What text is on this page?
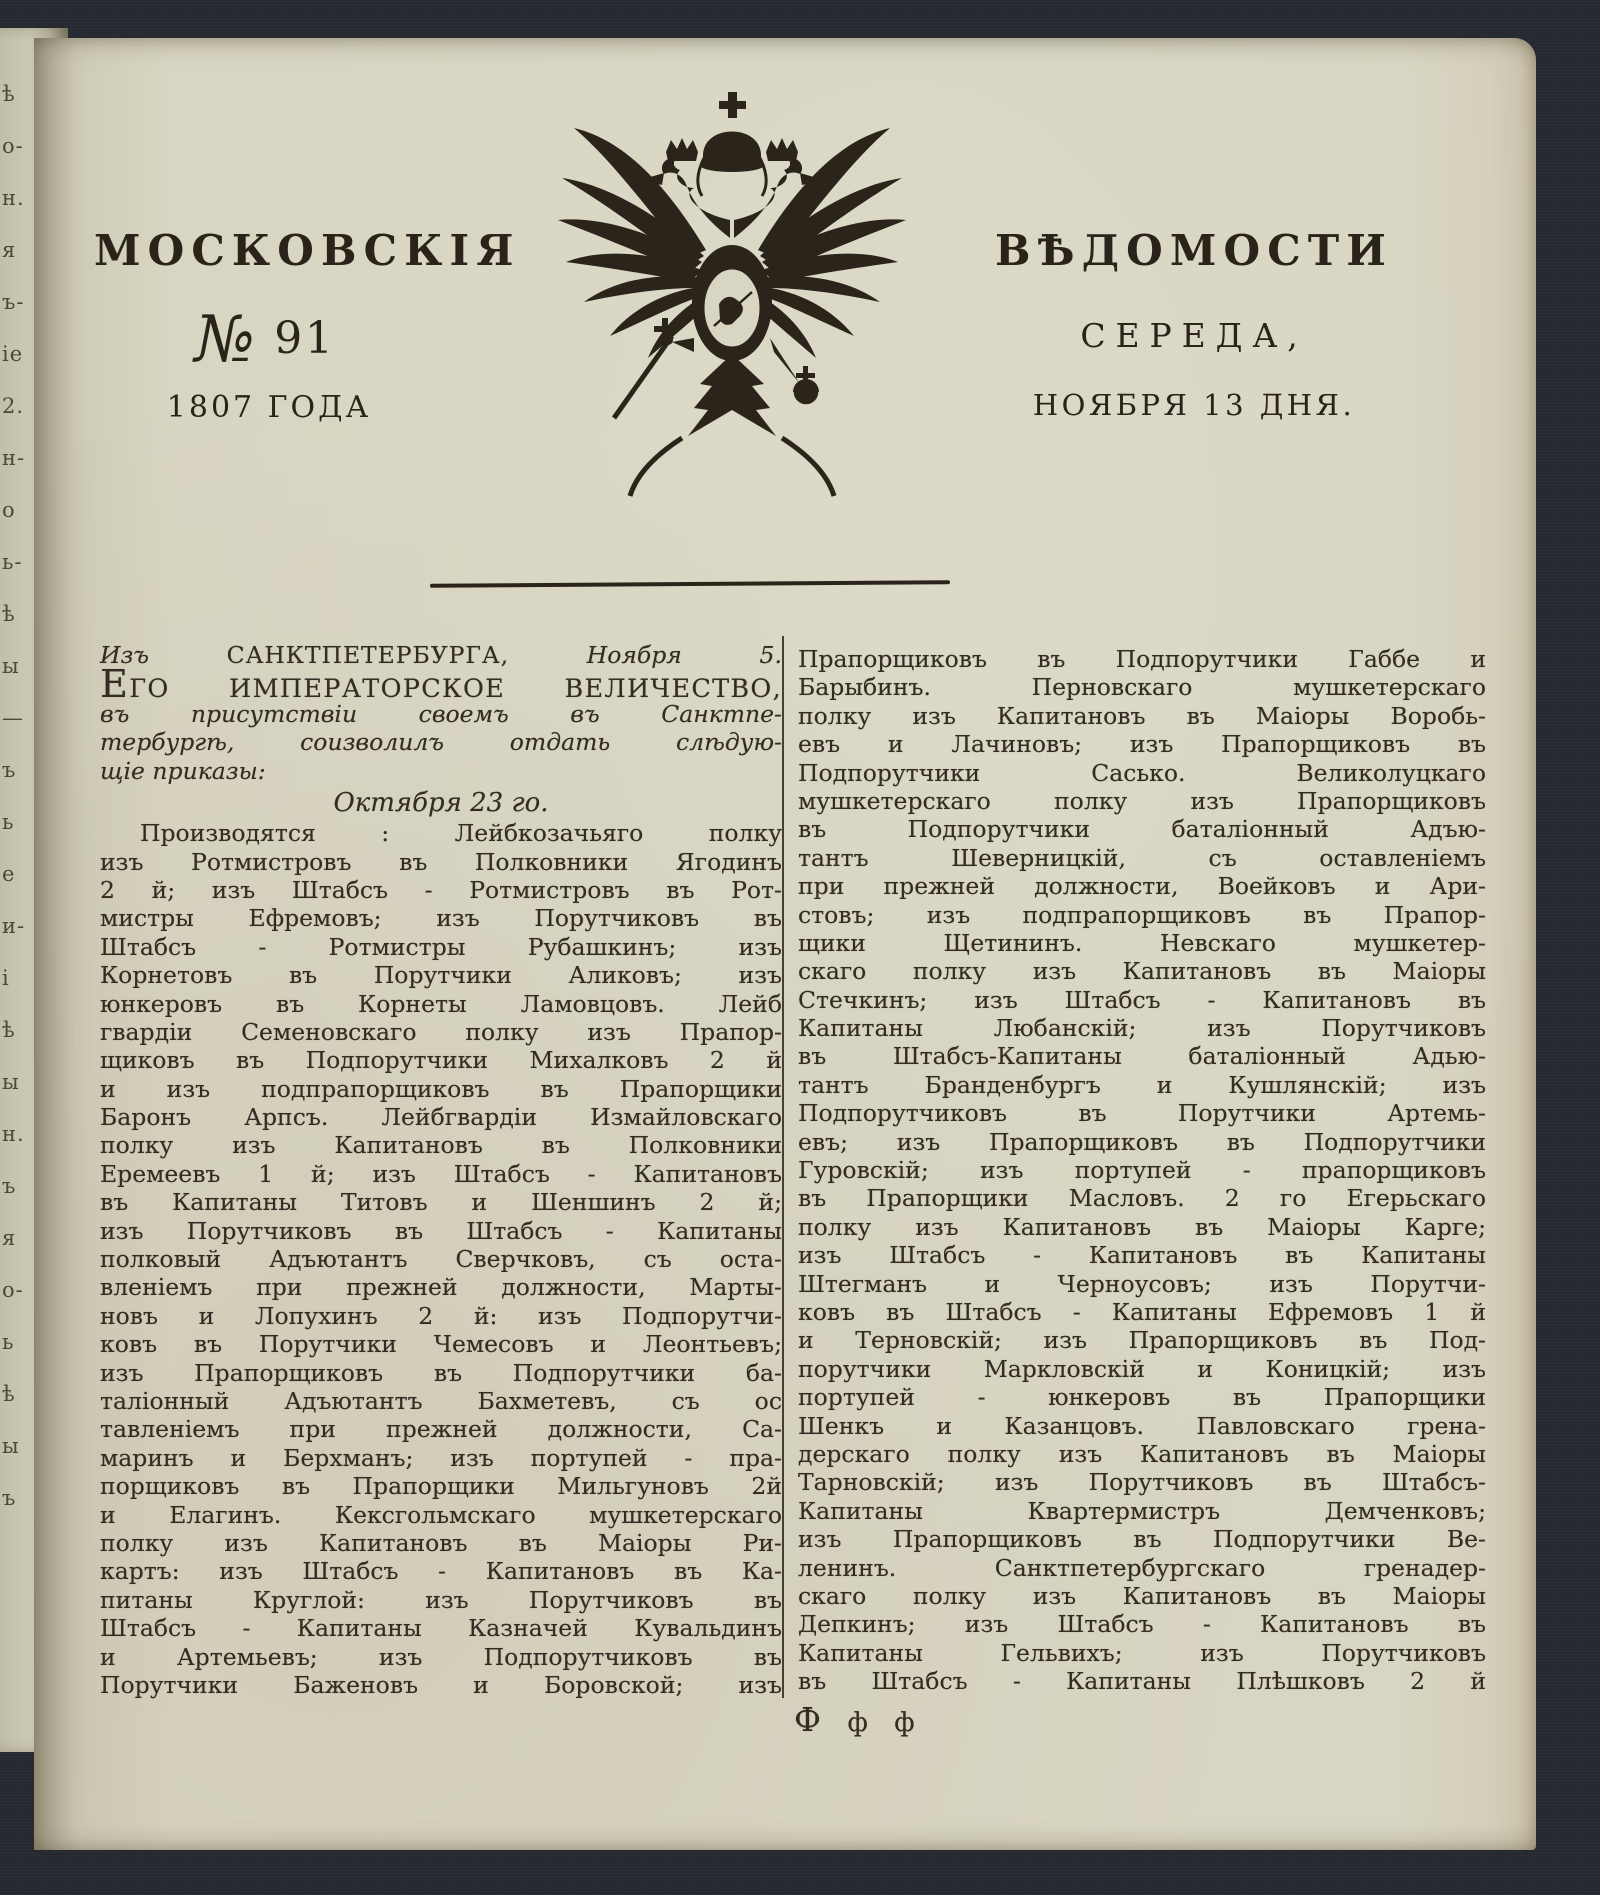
ѣ
о-
н.
я
ъ-
іе
2.
н-
о
ь-
ѣ
ы
—
ъ
ь
е
и-
і
ѣ
ы
н.
ъ
я
о-
ь
ѣ
ы
ъ
МОСКОВСКІЯ
№ 91
1807 ГОДА
ВѢДОМОСТИ
СЕРЕДА,
НОЯБРЯ 13 ДНЯ.
Изъ	САНКТПЕТЕРБУРГА,	Ноября 5.
ЕГО ИМПЕРАТОРСКОЕ ВЕЛИЧЕСТВО,
въ присутствіи своемъ въ Санктпе-
тербургѣ, соизволилъ отдать слѣдую-
щіе приказы:
Октября 23 го.
Производятся : Лейбкозачьяго полку
изъ Ротмистровъ въ Полковники Ягодинъ
2 й; изъ Штабсъ - Ротмистровъ въ Рот-
мистры Ефремовъ; изъ Порутчиковъ въ
Штабсъ - Ротмистры Рубашкинъ; изъ
Корнетовъ въ Порутчики Аликовъ; изъ
юнкеровъ въ Корнеты Ламовцовъ. Лейб
гвардіи Семеновскаго полку изъ Прапор-
щиковъ въ Подпорутчики Михалковъ 2 й
и изъ подпрапорщиковъ въ Прапорщики
Баронъ Арпсъ. Лейбгвардіи Измайловскаго
полку изъ Капитановъ въ Полковники
Еремеевъ 1 й; изъ Штабсъ - Капитановъ
въ Капитаны Титовъ и Шеншинъ 2 й;
изъ Порутчиковъ въ Штабсъ - Капитаны
полковый Адъютантъ Сверчковъ, съ оста-
вленіемъ при прежней должности, Марты-
новъ и Лопухинъ 2 й: изъ Подпорутчи-
ковъ въ Порутчики Чемесовъ и Леонтьевъ;
изъ Прапорщиковъ въ Подпорутчики ба-
таліонный Адъютантъ Бахметевъ, съ ос
тавленіемъ при прежней должности, Са-
маринъ и Берхманъ; изъ портупей - пра-
порщиковъ въ Прапорщики Мильгуновъ 2й
и Елагинъ. Кексгольмскаго мушкетерскаго
полку изъ Капитановъ въ Маіоры Ри-
картъ: изъ Штабсъ - Капитановъ въ Ка-
питаны Круглой: изъ Порутчиковъ въ
Штабсъ - Капитаны Казначей Кувальдинъ
и Артемьевъ; изъ Подпорутчиковъ въ
Порутчики Баженовъ и Боровской; изъ
Прапорщиковъ въ Подпорутчики Габбе и
Барыбинъ. Перновскаго мушкетерскаго
полку изъ Капитановъ въ Маіоры Воробь-
евъ и Лачиновъ; изъ Прапорщиковъ въ
Подпорутчики Сасько. Великолуцкаго
мушкетерскаго полку изъ Прапорщиковъ
въ Подпорутчики баталіонный Адъю-
тантъ Шеверницкій, съ оставленіемъ
при прежней должности, Воейковъ и Ари-
стовъ; изъ подпрапорщиковъ въ Прапор-
щики Щетининъ. Невскаго мушкетер-
скаго полку изъ Капитановъ въ Маіоры
Стечкинъ; изъ Штабсъ - Капитановъ въ
Капитаны Любанскій; изъ Порутчиковъ
въ Штабсъ-Капитаны баталіонный Адью-
тантъ Бранденбургъ и Кушлянскій; изъ
Подпорутчиковъ въ Порутчики Артемь-
евъ; изъ Прапорщиковъ въ Подпорутчики
Гуровскій; изъ портупей - прапорщиковъ
въ Прапорщики Масловъ. 2 го Егерьскаго
полку изъ Капитановъ въ Маіоры Карге;
изъ Штабсъ - Капитановъ въ Капитаны
Штегманъ и Черноусовъ; изъ Порутчи-
ковъ въ Штабсъ - Капитаны Ефремовъ 1 й
и Терновскій; изъ Прапорщиковъ въ Под-
порутчики Маркловскій и Коницкій; изъ
портупей - юнкеровъ въ Прапорщики
Шенкъ и Казанцовъ. Павловскаго грена-
дерскаго полку изъ Капитановъ въ Маіоры
Тарновскій; изъ Порутчиковъ въ Штабсъ-
Капитаны Квартермистръ Демченковъ;
изъ Прапорщиковъ въ Подпорутчики Ве-
ленинъ. Санктпетербургскаго гренадер-
скаго полку изъ Капитановъ въ Маіоры
Депкинъ; изъ Штабсъ - Капитановъ въ
Капитаны Гельвихъ; изъ Порутчиковъ
въ Штабсъ - Капитаны Плѣшковъ 2 й
Ф ф ф
